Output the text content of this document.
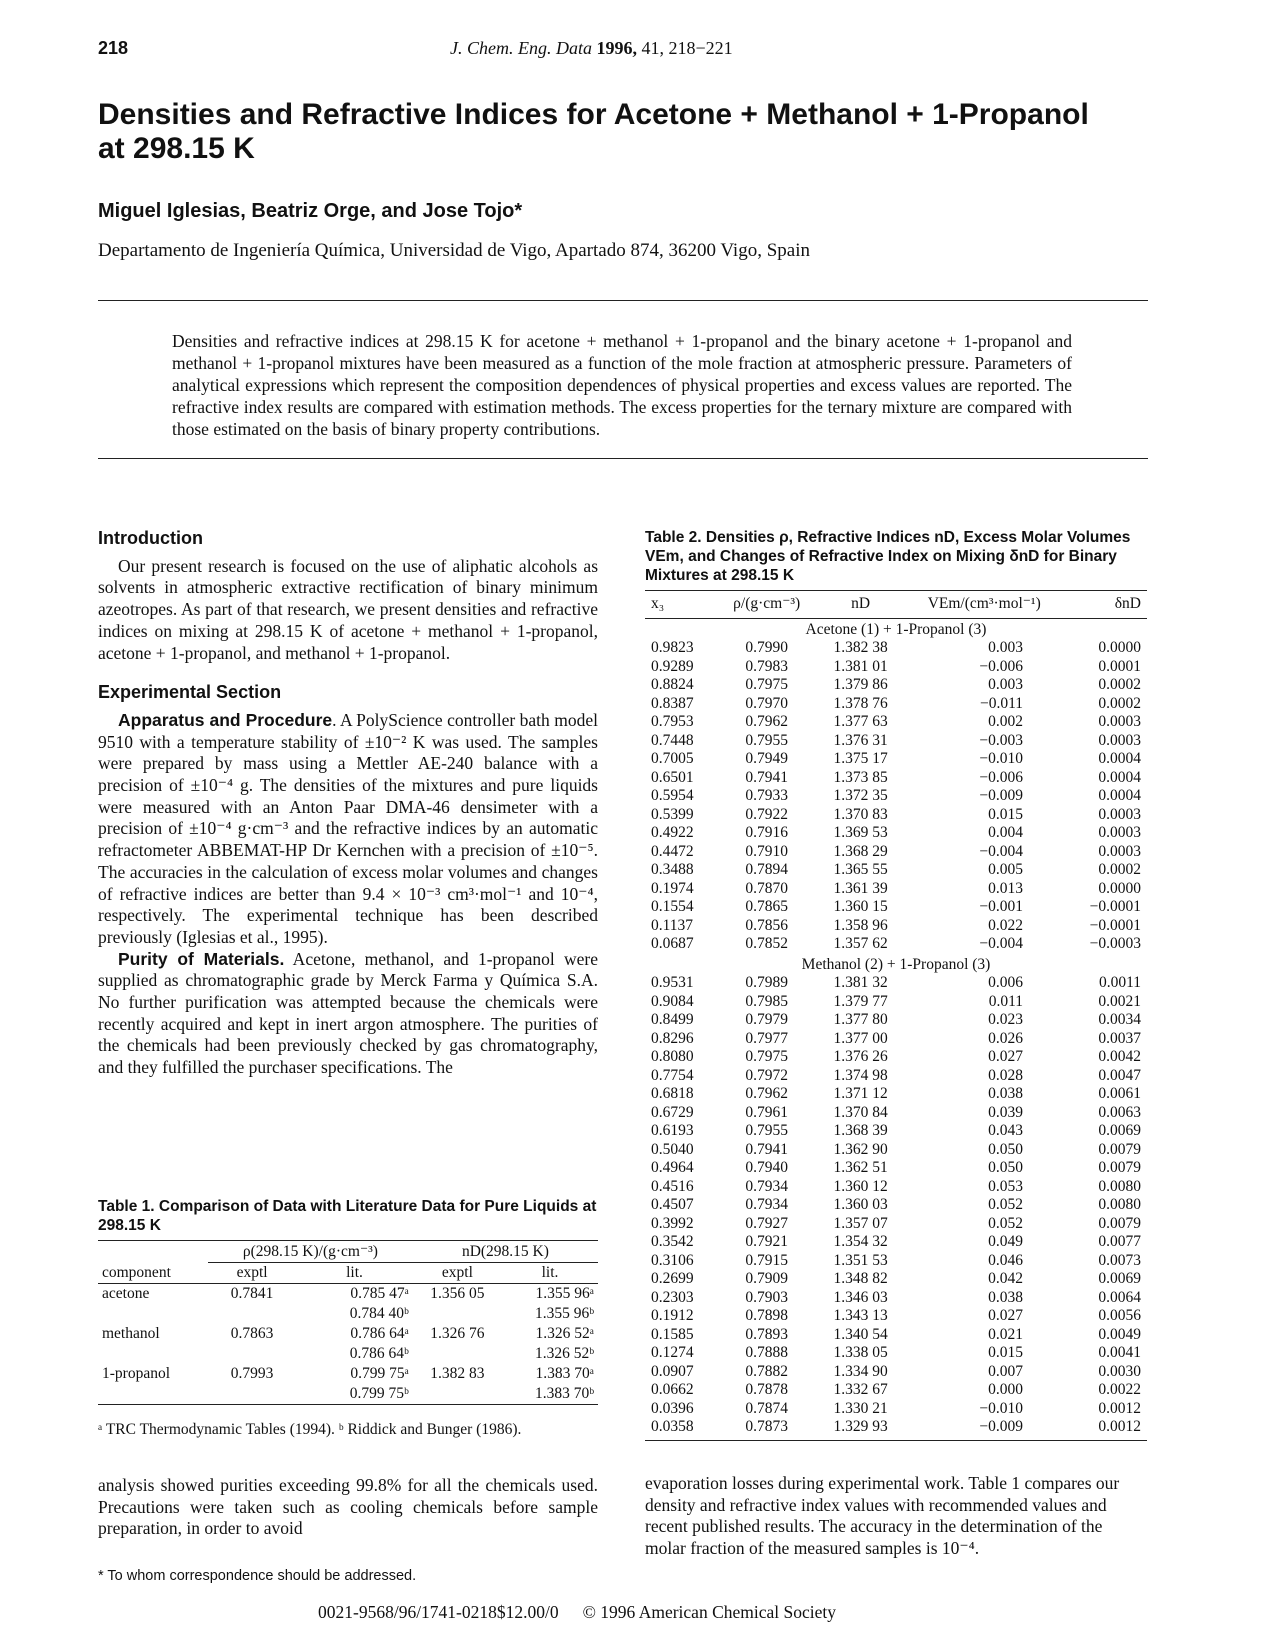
218	J. Chem. Eng. Data 1996, 41, 218−221
Densities and Refractive Indices for Acetone + Methanol + 1-Propanol at 298.15 K
Miguel Iglesias, Beatriz Orge, and Jose Tojo*
Departamento de Ingeniería Química, Universidad de Vigo, Apartado 874, 36200 Vigo, Spain
Densities and refractive indices at 298.15 K for acetone + methanol + 1-propanol and the binary acetone + 1-propanol and methanol + 1-propanol mixtures have been measured as a function of the mole fraction at atmospheric pressure. Parameters of analytical expressions which represent the composition dependences of physical properties and excess values are reported. The refractive index results are compared with estimation methods. The excess properties for the ternary mixture are compared with those estimated on the basis of binary property contributions.
Introduction

Our present research is focused on the use of aliphatic alcohols as solvents in atmospheric extractive rectification of binary minimum azeotropes. As part of that research, we present densities and refractive indices on mixing at 298.15 K of acetone + methanol + 1-propanol, acetone + 1-propanol, and methanol + 1-propanol.

Experimental Section

Apparatus and Procedure. A PolyScience controller bath model 9510 with a temperature stability of ±10⁻² K was used. The samples were prepared by mass using a Mettler AE-240 balance with a precision of ±10⁻⁴ g. The densities of the mixtures and pure liquids were measured with an Anton Paar DMA-46 densimeter with a precision of ±10⁻⁴ g·cm⁻³ and the refractive indices by an automatic refractometer ABBEMAT-HP Dr Kernchen with a precision of ±10⁻⁵. The accuracies in the calculation of excess molar volumes and changes of refractive indices are better than 9.4 × 10⁻³ cm³·mol⁻¹ and 10⁻⁴, respectively. The experimental technique has been described previously (Iglesias et al., 1995).

Purity of Materials. Acetone, methanol, and 1-propanol were supplied as chromatographic grade by Merck Farma y Química S.A. No further purification was attempted because the chemicals were recently acquired and kept in inert argon atmosphere. The purities of the chemicals had been previously checked by gas chromatography, and they fulfilled the purchaser specifications. The

Table 1. Comparison of Data with Literature Data for Pure Liquids at 298.15 K
	ρ(298.15 K)/(g·cm⁻³)		nD(298.15 K)	
component	exptl	lit.	exptl	lit.
acetone	0.7841	0.785 47ᵃ	1.356 05	1.355 96ᵃ
		0.784 40ᵇ		1.355 96ᵇ
methanol	0.7863	0.786 64ᵃ	1.326 76	1.326 52ᵃ
		0.786 64ᵇ		1.326 52ᵇ
1-propanol	0.7993	0.799 75ᵃ	1.382 83	1.383 70ᵃ
		0.799 75ᵇ		1.383 70ᵇ
ᵃ TRC Thermodynamic Tables (1994). ᵇ Riddick and Bunger (1986).
analysis showed purities exceeding 99.8% for all the chemicals used. Precautions were taken such as cooling chemicals before sample preparation, in order to avoid
* To whom correspondence should be addressed.
Table 2. Densities ρ, Refractive Indices nD, Excess Molar Volumes VEm, and Changes of Refractive Index on Mixing δnD for Binary Mixtures at 298.15 K
x₃	ρ/(g·cm⁻³)	nD	VEm/(cm³·mol⁻¹)	δnD
Acetone (1) + 1-Propanol (3)				
0.9823	0.7990	1.382 38	0.003	0.0000
0.9289	0.7983	1.381 01	−0.006	0.0001
0.8824	0.7975	1.379 86	0.003	0.0002
0.8387	0.7970	1.378 76	−0.011	0.0002
0.7953	0.7962	1.377 63	0.002	0.0003
0.7448	0.7955	1.376 31	−0.003	0.0003
0.7005	0.7949	1.375 17	−0.010	0.0004
0.6501	0.7941	1.373 85	−0.006	0.0004
0.5954	0.7933	1.372 35	−0.009	0.0004
0.5399	0.7922	1.370 83	0.015	0.0003
0.4922	0.7916	1.369 53	0.004	0.0003
0.4472	0.7910	1.368 29	−0.004	0.0003
0.3488	0.7894	1.365 55	0.005	0.0002
0.1974	0.7870	1.361 39	0.013	0.0000
0.1554	0.7865	1.360 15	−0.001	−0.0001
0.1137	0.7856	1.358 96	0.022	−0.0001
0.0687	0.7852	1.357 62	−0.004	−0.0003
Methanol (2) + 1-Propanol (3)				
0.9531	0.7989	1.381 32	0.006	0.0011
0.9084	0.7985	1.379 77	0.011	0.0021
0.8499	0.7979	1.377 80	0.023	0.0034
0.8296	0.7977	1.377 00	0.026	0.0037
0.8080	0.7975	1.376 26	0.027	0.0042
0.7754	0.7972	1.374 98	0.028	0.0047
0.6818	0.7962	1.371 12	0.038	0.0061
0.6729	0.7961	1.370 84	0.039	0.0063
0.6193	0.7955	1.368 39	0.043	0.0069
0.5040	0.7941	1.362 90	0.050	0.0079
0.4964	0.7940	1.362 51	0.050	0.0079
0.4516	0.7934	1.360 12	0.053	0.0080
0.4507	0.7934	1.360 03	0.052	0.0080
0.3992	0.7927	1.357 07	0.052	0.0079
0.3542	0.7921	1.354 32	0.049	0.0077
0.3106	0.7915	1.351 53	0.046	0.0073
0.2699	0.7909	1.348 82	0.042	0.0069
0.2303	0.7903	1.346 03	0.038	0.0064
0.1912	0.7898	1.343 13	0.027	0.0056
0.1585	0.7893	1.340 54	0.021	0.0049
0.1274	0.7888	1.338 05	0.015	0.0041
0.0907	0.7882	1.334 90	0.007	0.0030
0.0662	0.7878	1.332 67	0.000	0.0022
0.0396	0.7874	1.330 21	−0.010	0.0012
0.0358	0.7873	1.329 93	−0.009	0.0012
evaporation losses during experimental work. Table 1 compares our density and refractive index values with recommended values and recent published results. The accuracy in the determination of the molar fraction of the measured samples is 10⁻⁴.
0021-9568/96/1741-0218$12.00/0 © 1996 American Chemical Society
